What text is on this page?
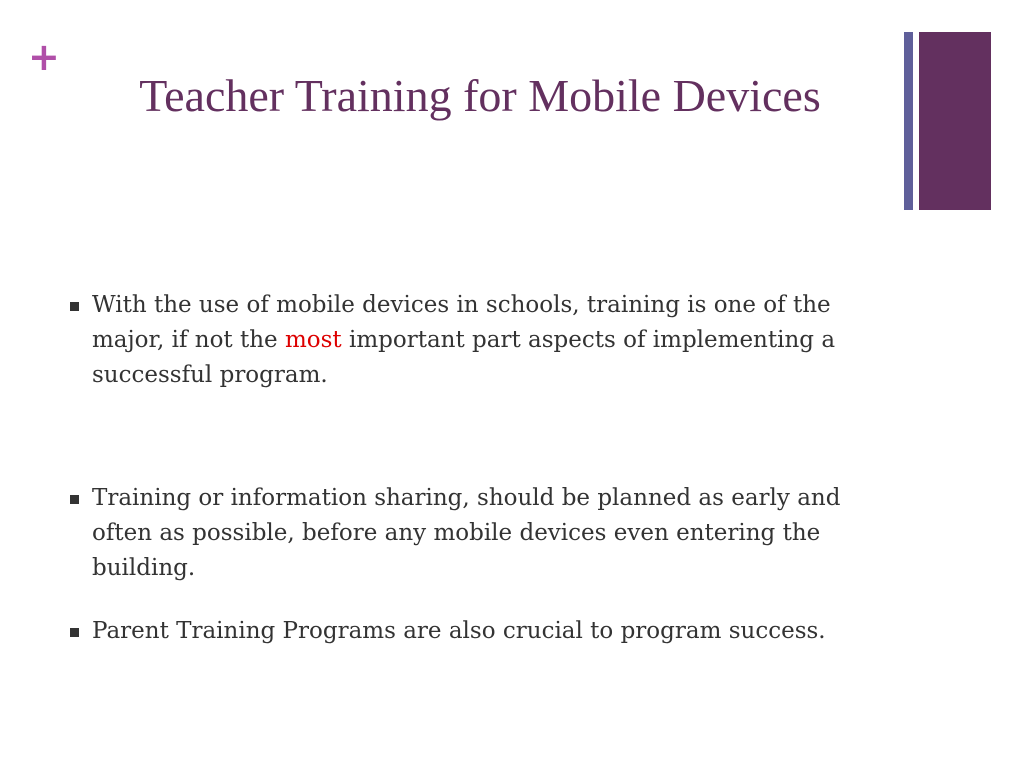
+
Teacher Training for Mobile Devices
With the use of mobile devices in schools, training is one of the major, if not the most important part aspects of implementing a successful program.
Training or information sharing, should be planned as early and often as possible, before any mobile devices even entering the building.
Parent Training Programs are also crucial to program success.
